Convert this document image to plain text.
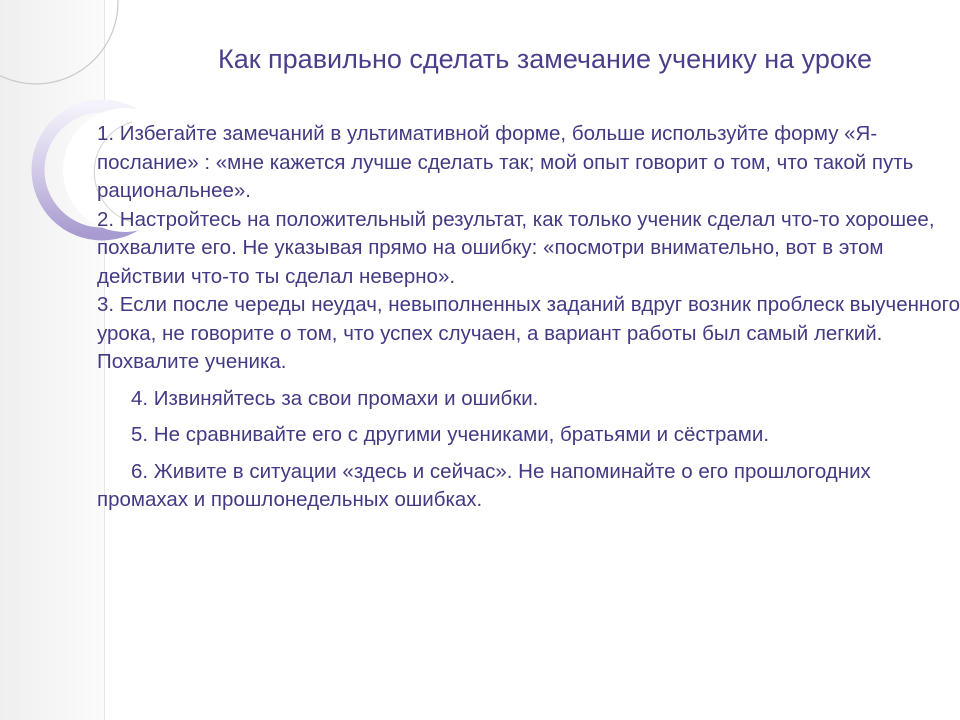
Как правильно сделать замечание ученику на уроке

1. Избегайте замечаний в ультимативной форме, больше используйте форму «Я-послание» : «мне кажется лучше сделать так; мой опыт говорит о том, что такой путь рациональнее».

2. Настройтесь на положительный результат, как только ученик сделал что-то хорошее, похвалите его. Не указывая прямо на ошибку: «посмотри внимательно, вот в этом действии что-то ты сделал неверно».

3. Если после череды неудач, невыполненных заданий вдруг возник проблеск выученного урока, не говорите о том, что успех случаен, а вариант работы был самый легкий. Похвалите ученика.

4. Извиняйтесь за свои промахи и ошибки.

5. Не сравнивайте его с другими учениками, братьями и сёстрами.

6. Живите в ситуации «здесь и сейчас». Не напоминайте о его прошлогодних промахах и прошлонедельных ошибках.
